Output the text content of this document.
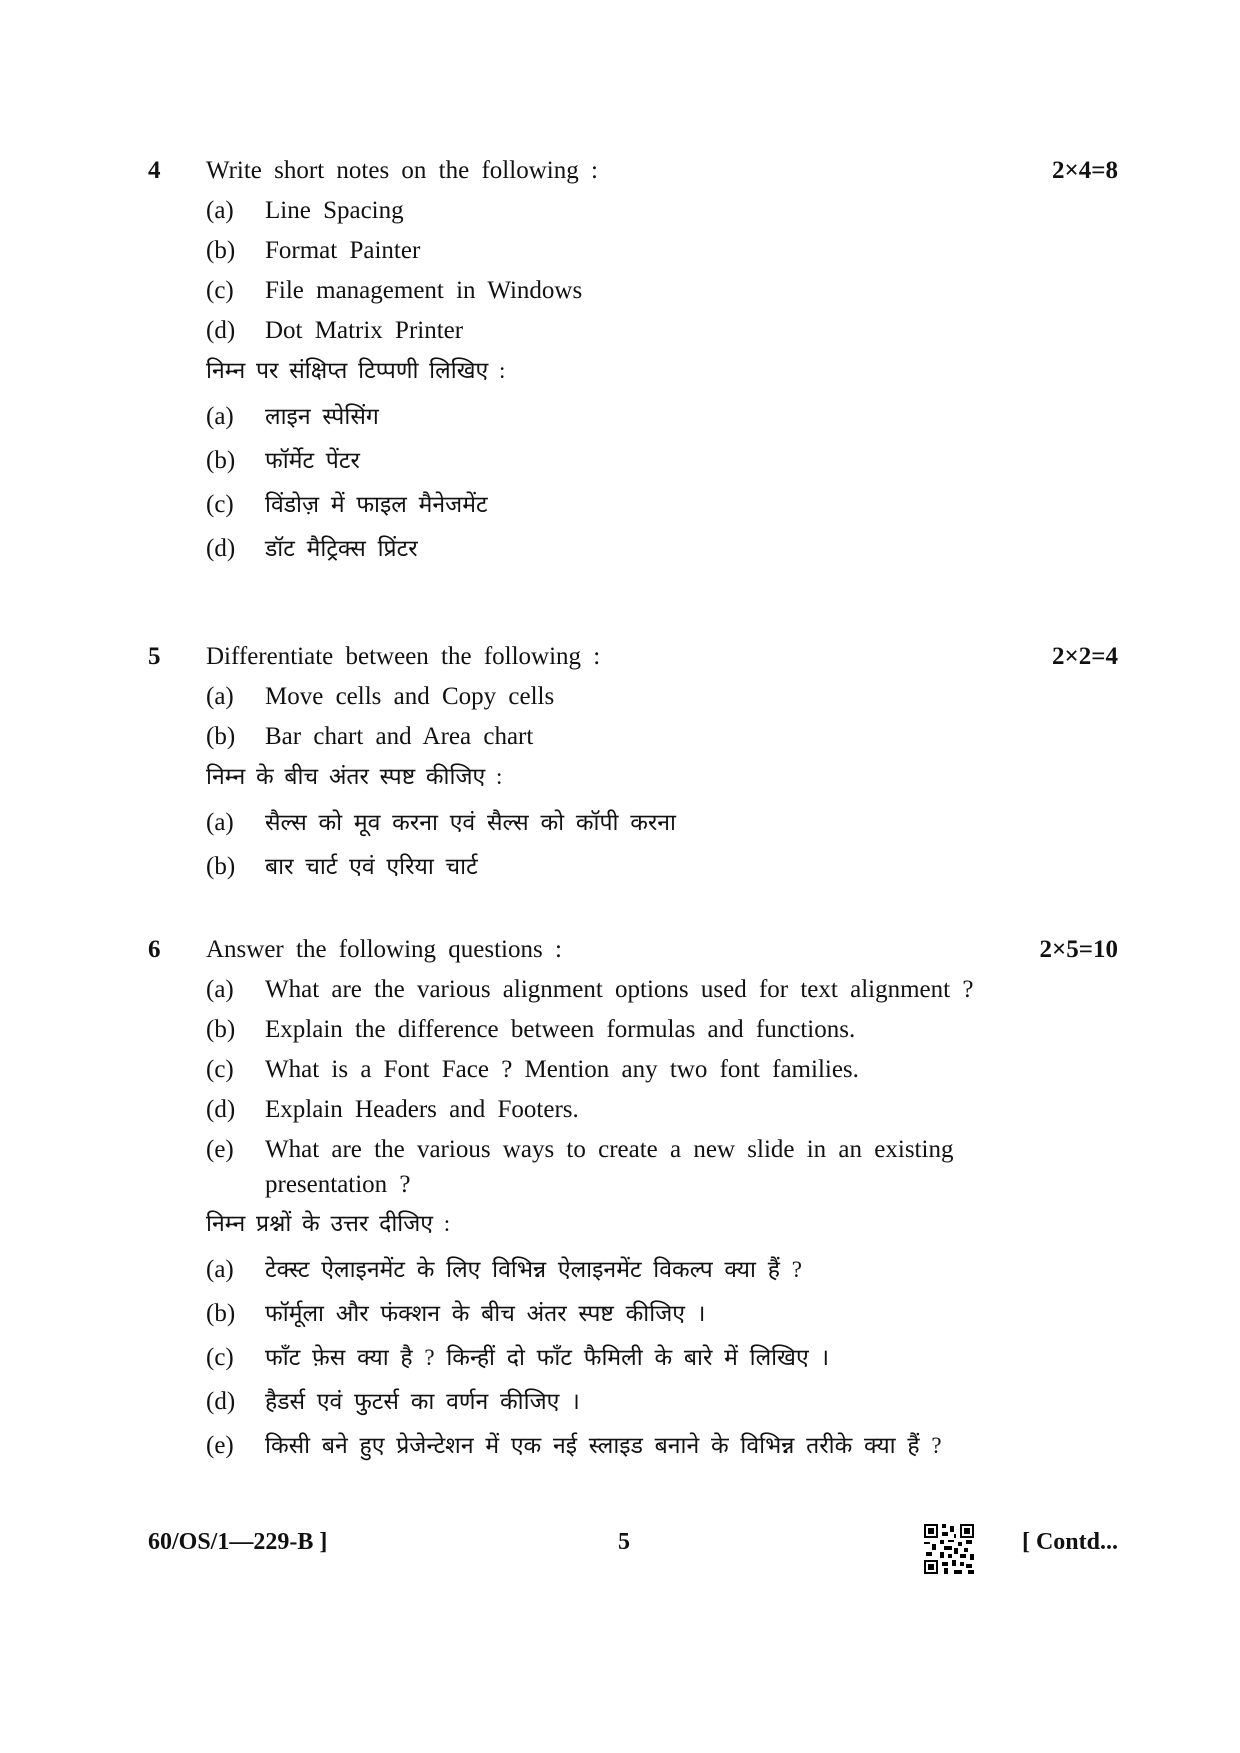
4 Write short notes on the following :	2×4=8
(a) Line Spacing
(b) Format Painter
(c) File management in Windows
(d) Dot Matrix Printer
निम्न पर संक्षिप्त टिप्पणी लिखिए :
(a) लाइन स्पेसिंग
(b) फॉर्मेट पेंटर
(c) विंडोज़ में फाइल मैनेजमेंट
(d) डॉट मैट्रिक्स प्रिंटर
5 Differentiate between the following :	2×2=4
(a) Move cells and Copy cells
(b) Bar chart and Area chart
निम्न के बीच अंतर स्पष्ट कीजिए :
(a) सैल्स को मूव करना एवं सैल्स को कॉपी करना
(b) बार चार्ट एवं एरिया चार्ट
6 Answer the following questions :	2×5=10
(a) What are the various alignment options used for text alignment ?
(b) Explain the difference between formulas and functions.
(c) What is a Font Face ? Mention any two font families.
(d) Explain Headers and Footers.
(e) What are the various ways to create a new slide in an existing presentation ?
निम्न प्रश्नों के उत्तर दीजिए :
(a) टेक्स्ट ऐलाइनमेंट के लिए विभिन्न ऐलाइनमेंट विकल्प क्या हैं ?
(b) फॉर्मूला और फंक्शन के बीच अंतर स्पष्ट कीजिए ।
(c) फॉंट फ़ेस क्या है ? किन्हीं दो फॉंट फैमिली के बारे में लिखिए ।
(d) हैडर्स एवं फुटर्स का वर्णन कीजिए ।
(e) किसी बने हुए प्रेजेन्टेशन में एक नई स्लाइड बनाने के विभिन्न तरीके क्या हैं ?
60/OS/1—229-B ]	5	[ Contd...
